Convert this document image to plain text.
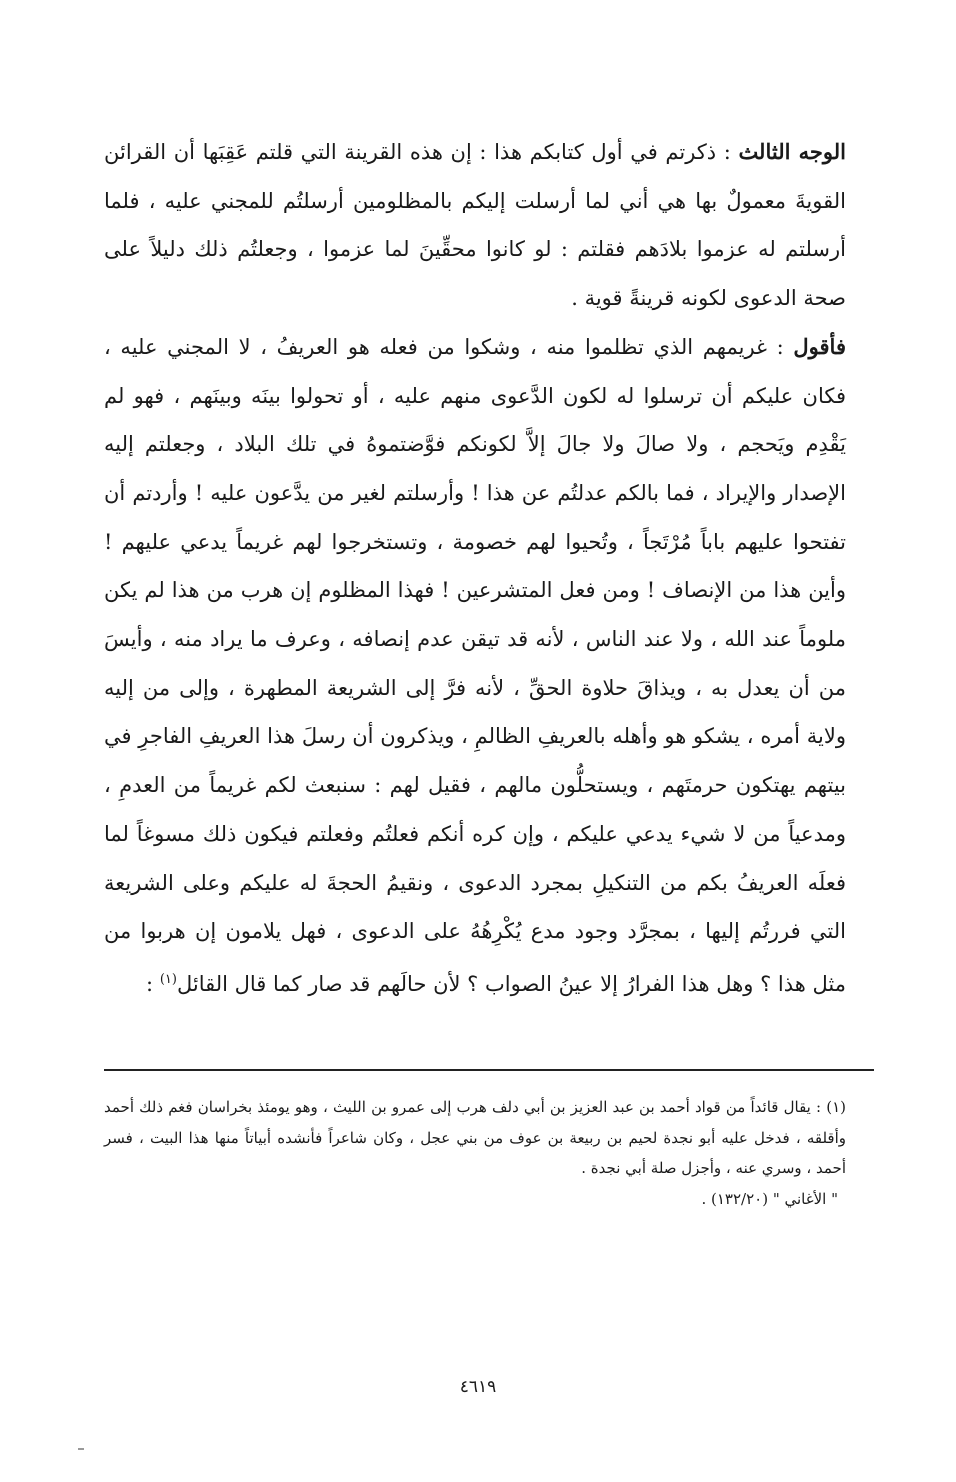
الوجه الثالث : ذكرتم في أول كتابكم هذا : إن هذه القرينة التي قلتم عَقِبَها أن القرائن القويةَ معمولٌ بها هي أني لما أرسلت إليكم بالمظلومين أرسلتُم للمجني عليه ، فلما أرسلتم له عزموا بلادَهم فقلتم : لو كانوا محقِّينَ لما عزموا ، وجعلتُم ذلك دليلاً على صحة الدعوى لكونه قرينةً قوية .

فأقول : غريمهم الذي تظلموا منه ، وشكوا من فعله هو العريفُ ، لا المجني عليه ، فكان عليكم أن ترسلوا له لكون الدَّعوى منهم عليه ، أو تحولوا بينَه وبينَهم ، فهو لم يَقْدِم ويَحجم ، ولا صالَ ولا جالَ إلاَّ لكونكم فوَّضتموهُ في تلك البلاد ، وجعلتم إليه الإصدار والإيراد ، فما بالكم عدلتُم عن هذا ! وأرسلتم لغير من يدَّعون عليه ! وأردتم أن تفتحوا عليهم باباً مُرْتَجاً ، وتُحيوا لهم خصومة ، وتستخرجوا لهم غريماً يدعي عليهم ! وأين هذا من الإنصاف ! ومن فعل المتشرعين ! فهذا المظلوم إن هرب من هذا لم يكن ملوماً عند الله ، ولا عند الناس ، لأنه قد تيقن عدم إنصافه ، وعرف ما يراد منه ، وأيسَ من أن يعدل به ، ويذاقَ حلاوة الحقِّ ، لأنه فرَّ إلى الشريعة المطهرة ، وإلى من إليه ولاية أمره ، يشكو هو وأهله بالعريفِ الظالمِ ، ويذكرون أن رسلَ هذا العريفِ الفاجرِ في بيتهم يهتكون حرمتَهم ، ويستحلُّون مالهم ، فقيل لهم : سنبعث لكم غريماً من العدمِ ، ومدعياً من لا شيء يدعي عليكم ، وإن كره أنكم فعلتُم وفعلتم فيكون ذلك مسوغاً لما فعلَه العريفُ بكم من التنكيلِ بمجرد الدعوى ، ونقيمُ الحجةَ له عليكم وعلى الشريعة التي فررتُم إليها ، بمجرَّد وجود مدع يُكْرِهُهُ على الدعوى ، فهل يلامون إن هربوا من مثل هذا ؟ وهل هذا الفرارُ إلا عينُ الصواب ؟ لأن حالَهم قد صار كما قال القائل$^{(١)}$ :

(١) : يقال قائداً من قواد أحمد بن عبد العزيز بن أبي دلف هرب إلى عمرو بن الليث ، وهو يومئذ بخراسان فغم ذلك أحمد وأقلقه ، فدخل عليه أبو نجدة لحيم بن ربيعة بن عوف من بني عجل ، وكان شاعراً فأنشده أبياتاً منها هذا البيت ، فسر أحمد ، وسري عنه ، وأجزل صلة أبي نجدة .

" الأغاني " (١٣٢/٢٠) .

٤٦١٩
